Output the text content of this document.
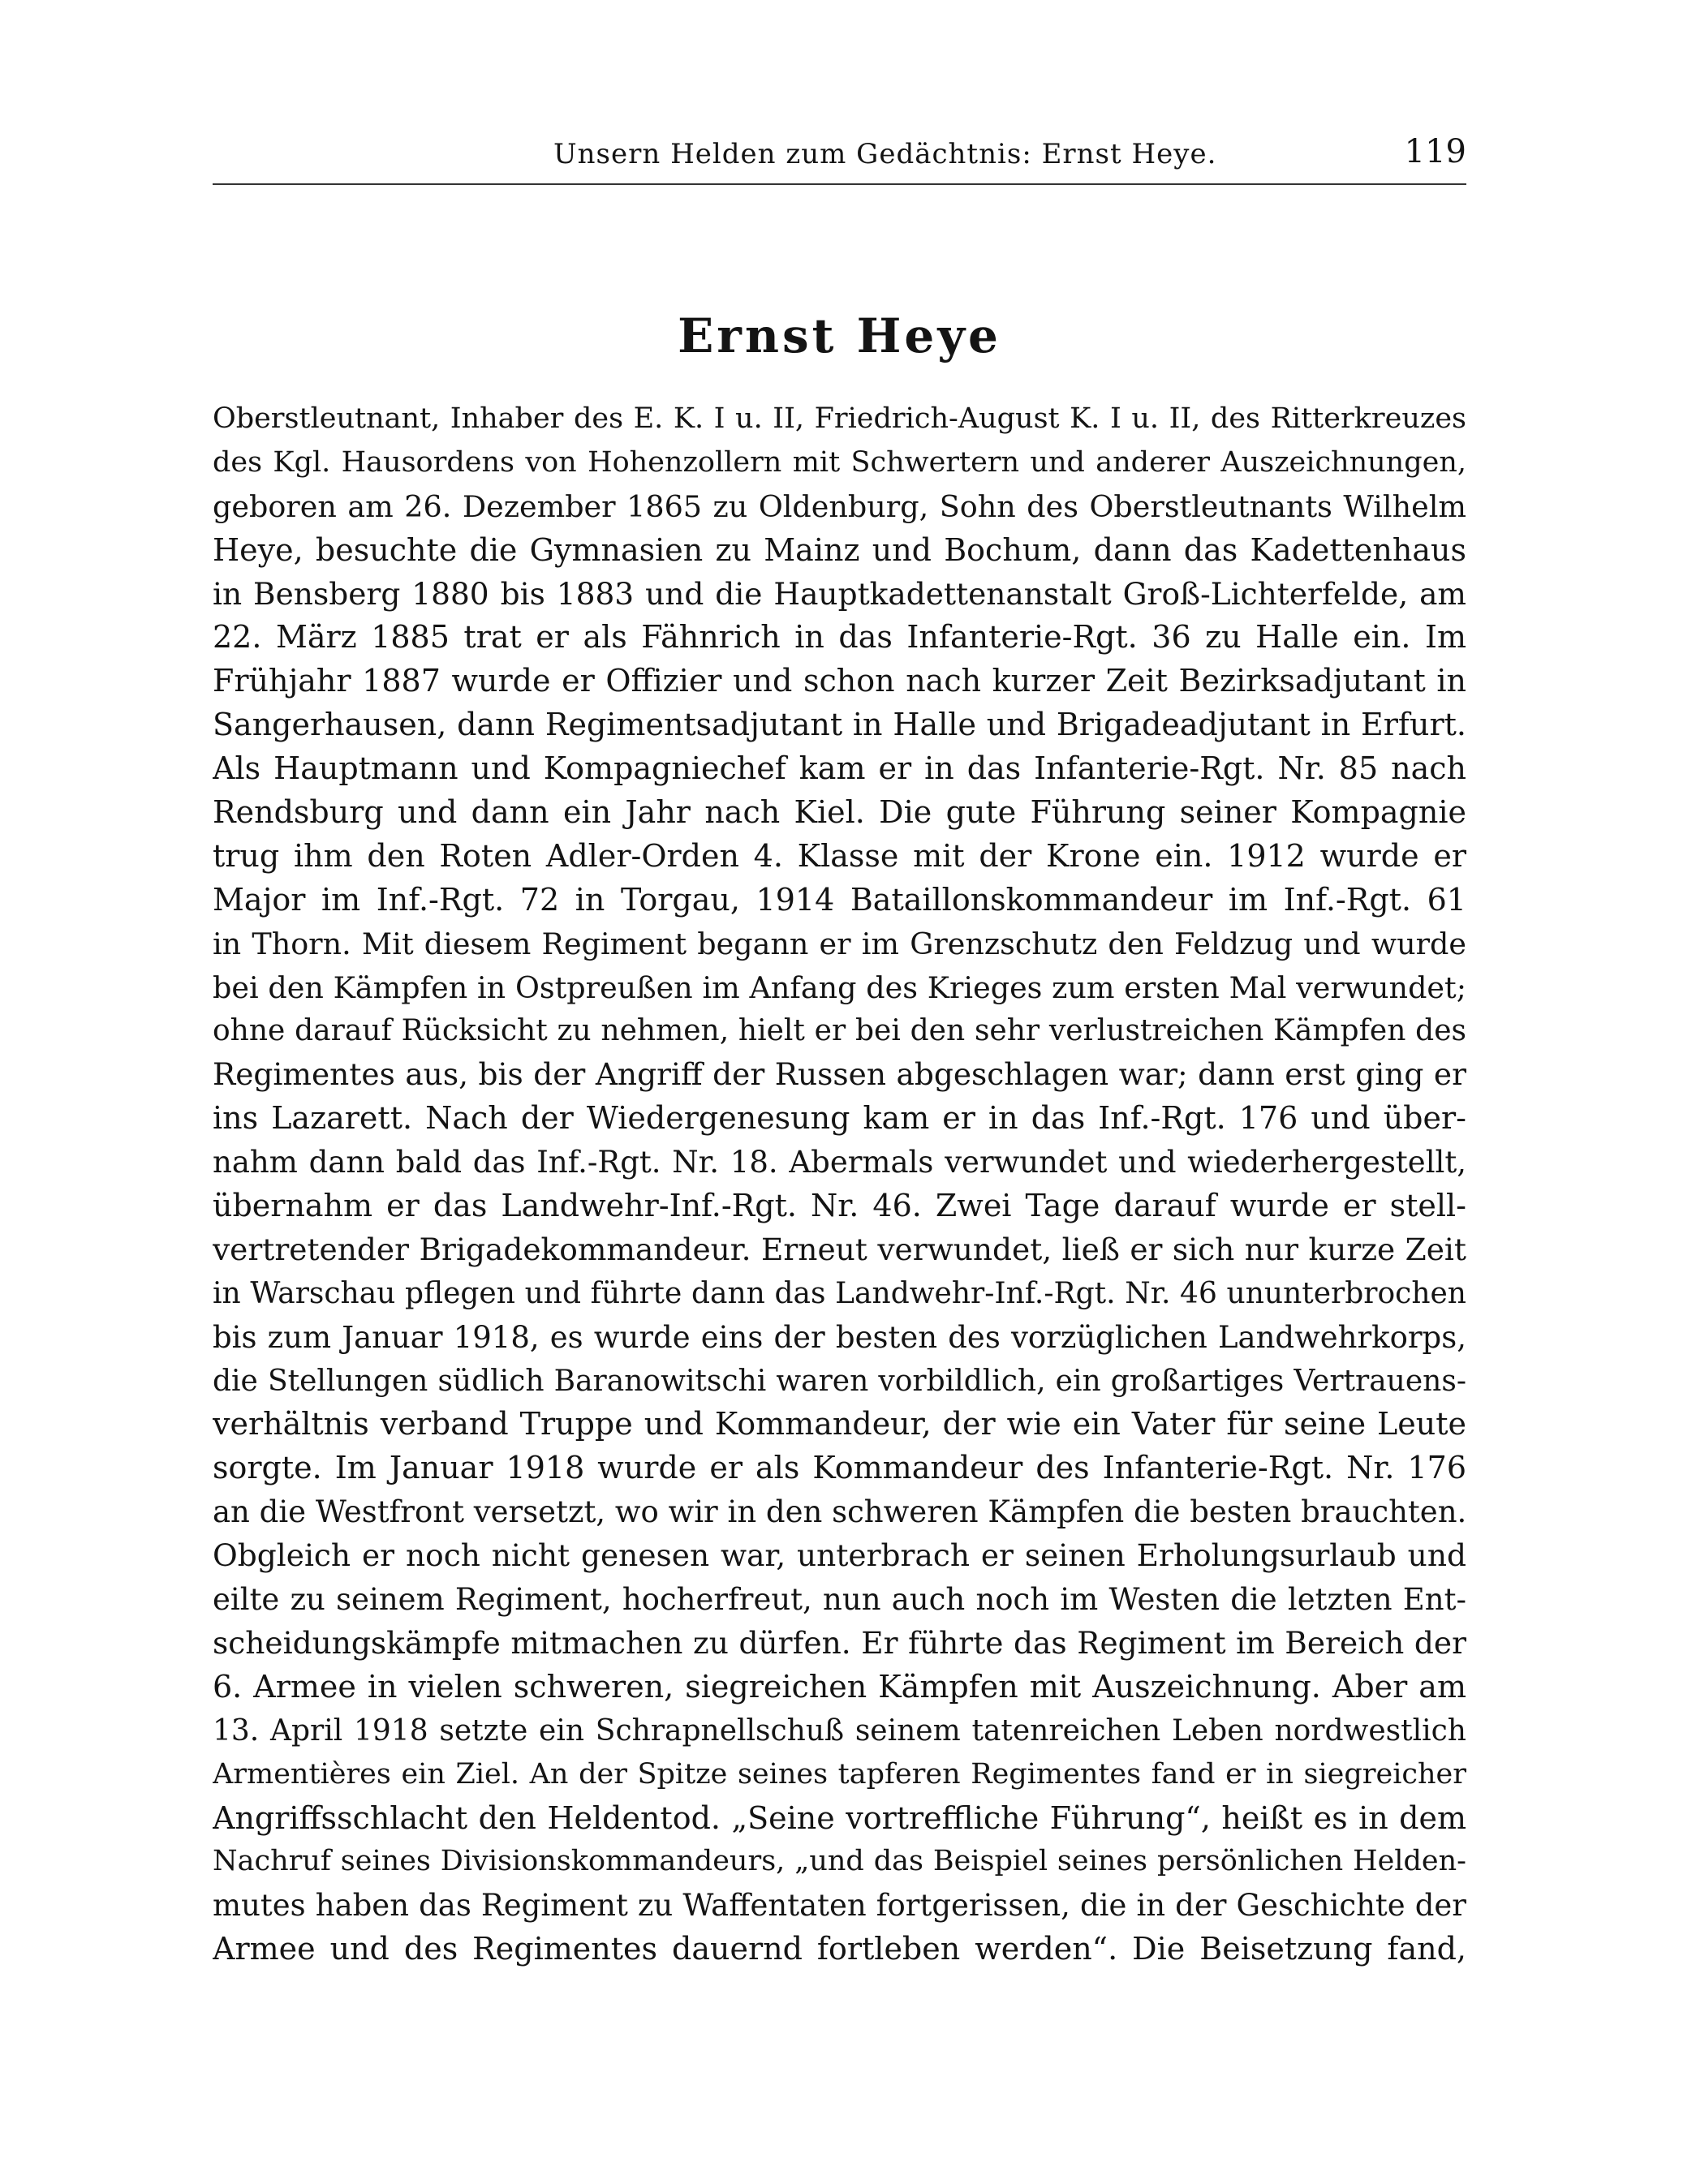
Unsern Helden zum Gedächtnis: Ernst Heye.	119
Ernst Heye
Oberstleutnant, Inhaber des E. K. I u. II, Friedrich-August K. I u. II, des Ritterkreuzes
des Kgl. Hausordens von Hohenzollern mit Schwertern und anderer Auszeichnungen,
geboren am 26. Dezember 1865 zu Oldenburg, Sohn des Oberstleutnants Wilhelm
Heye, besuchte die Gymnasien zu Mainz und Bochum, dann das Kadettenhaus
in Bensberg 1880 bis 1883 und die Hauptkadettenanstalt Groß-Lichterfelde, am
22. März 1885 trat er als Fähnrich in das Infanterie-Rgt. 36 zu Halle ein. Im
Frühjahr 1887 wurde er Offizier und schon nach kurzer Zeit Bezirksadjutant in
Sangerhausen, dann Regimentsadjutant in Halle und Brigadeadjutant in Erfurt.
Als Hauptmann und Kompagniechef kam er in das Infanterie-Rgt. Nr. 85 nach
Rendsburg und dann ein Jahr nach Kiel. Die gute Führung seiner Kompagnie
trug ihm den Roten Adler-Orden 4. Klasse mit der Krone ein. 1912 wurde er
Major im Inf.-Rgt. 72 in Torgau, 1914 Bataillonskommandeur im Inf.-Rgt. 61
in Thorn. Mit diesem Regiment begann er im Grenzschutz den Feldzug und wurde
bei den Kämpfen in Ostpreußen im Anfang des Krieges zum ersten Mal verwundet;
ohne darauf Rücksicht zu nehmen, hielt er bei den sehr verlustreichen Kämpfen des
Regimentes aus, bis der Angriff der Russen abgeschlagen war; dann erst ging er
ins Lazarett. Nach der Wiedergenesung kam er in das Inf.-Rgt. 176 und über-
nahm dann bald das Inf.-Rgt. Nr. 18. Abermals verwundet und wiederhergestellt,
übernahm er das Landwehr-Inf.-Rgt. Nr. 46. Zwei Tage darauf wurde er stell-
vertretender Brigadekommandeur. Erneut verwundet, ließ er sich nur kurze Zeit
in Warschau pflegen und führte dann das Landwehr-Inf.-Rgt. Nr. 46 ununterbrochen
bis zum Januar 1918, es wurde eins der besten des vorzüglichen Landwehrkorps,
die Stellungen südlich Baranowitschi waren vorbildlich, ein großartiges Vertrauens-
verhältnis verband Truppe und Kommandeur, der wie ein Vater für seine Leute
sorgte. Im Januar 1918 wurde er als Kommandeur des Infanterie-Rgt. Nr. 176
an die Westfront versetzt, wo wir in den schweren Kämpfen die besten brauchten.
Obgleich er noch nicht genesen war, unterbrach er seinen Erholungsurlaub und
eilte zu seinem Regiment, hocherfreut, nun auch noch im Westen die letzten Ent-
scheidungskämpfe mitmachen zu dürfen. Er führte das Regiment im Bereich der
6. Armee in vielen schweren, siegreichen Kämpfen mit Auszeichnung. Aber am
13. April 1918 setzte ein Schrapnellschuß seinem tatenreichen Leben nordwestlich
Armentières ein Ziel. An der Spitze seines tapferen Regimentes fand er in siegreicher
Angriffsschlacht den Heldentod. „Seine vortreffliche Führung“, heißt es in dem
Nachruf seines Divisionskommandeurs, „und das Beispiel seines persönlichen Helden-
mutes haben das Regiment zu Waffentaten fortgerissen, die in der Geschichte der
Armee und des Regimentes dauernd fortleben werden“. Die Beisetzung fand,
